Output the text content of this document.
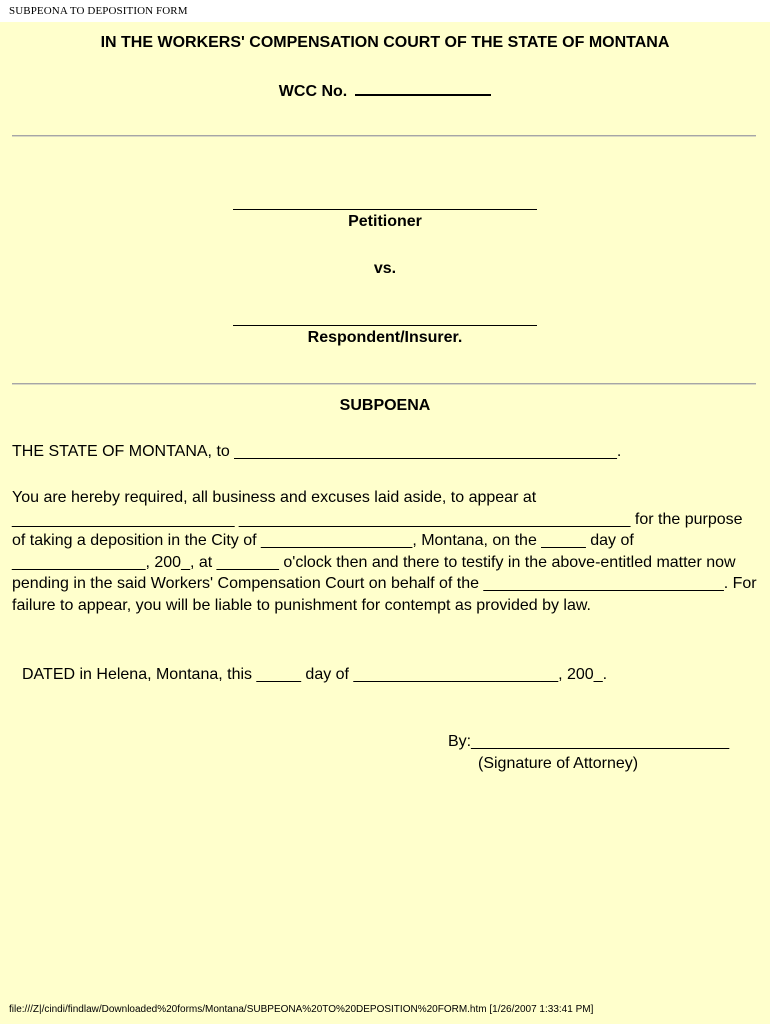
SUBPEONA TO DEPOSITION FORM
IN THE WORKERS' COMPENSATION COURT OF THE STATE OF MONTANA
WCC No.
Petitioner
vs.
Respondent/Insurer.
SUBPOENA
THE STATE OF MONTANA, to ___________________________________________.
You are hereby required, all business and excuses laid aside, to appear at _________________________ ____________________________________________ for the purpose of taking a deposition in the City of _________________, Montana, on the _____ day of _______________, 200_, at _______ o'clock then and there to testify in the above-entitled matter now pending in the said Workers' Compensation Court on behalf of the ___________________________. For failure to appear, you will be liable to punishment for contempt as provided by law.
DATED in Helena, Montana, this _____ day of _______________________, 200_.
By:_____________________________
(Signature of Attorney)
file:///Z|/cindi/findlaw/Downloaded%20forms/Montana/SUBPEONA%20TO%20DEPOSITION%20FORM.htm [1/26/2007 1:33:41 PM]
